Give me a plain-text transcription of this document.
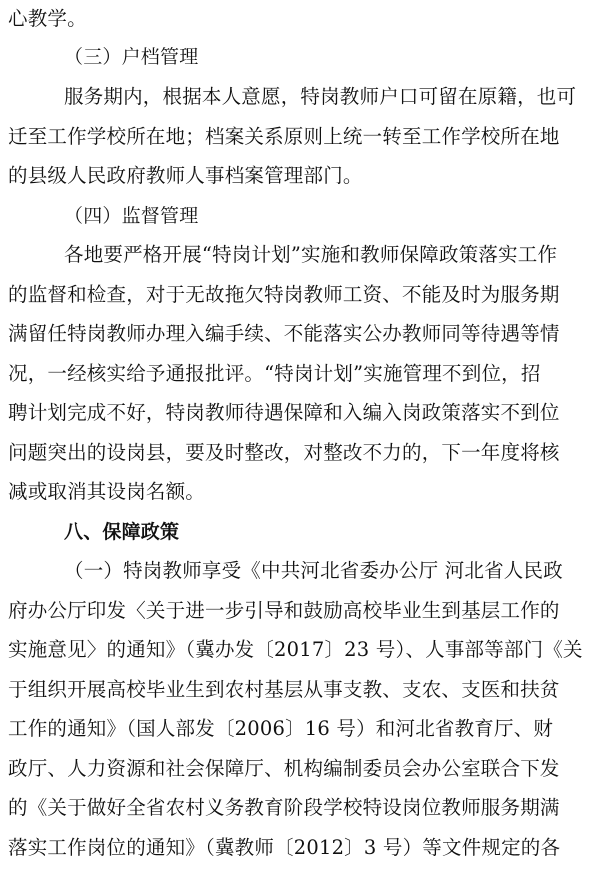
心教学。
（三）户档管理
服务期内，根据本人意愿，特岗教师户口可留在原籍，也可
迁至工作学校所在地；档案关系原则上统一转至工作学校所在地
的县级人民政府教师人事档案管理部门。
（四）监督管理
各地要严格开展“特岗计划”实施和教师保障政策落实工作
的监督和检查，对于无故拖欠特岗教师工资、不能及时为服务期
满留任特岗教师办理入编手续、不能落实公办教师同等待遇等情
况，一经核实给予通报批评。“特岗计划”实施管理不到位，招
聘计划完成不好，特岗教师待遇保障和入编入岗政策落实不到位
问题突出的设岗县，要及时整改，对整改不力的，下一年度将核
减或取消其设岗名额。
八、保障政策
（一）特岗教师享受《中共河北省委办公厅 河北省人民政
府办公厅印发〈关于进一步引导和鼓励高校毕业生到基层工作的
实施意见〉的通知》（冀办发〔2017〕23 号）、人事部等部门《关
于组织开展高校毕业生到农村基层从事支教、支农、支医和扶贫
工作的通知》（国人部发〔2006〕16 号）和河北省教育厅、财
政厅、人力资源和社会保障厅、机构编制委员会办公室联合下发
的《关于做好全省农村义务教育阶段学校特设岗位教师服务期满
落实工作岗位的通知》（冀教师〔2012〕3 号）等文件规定的各
